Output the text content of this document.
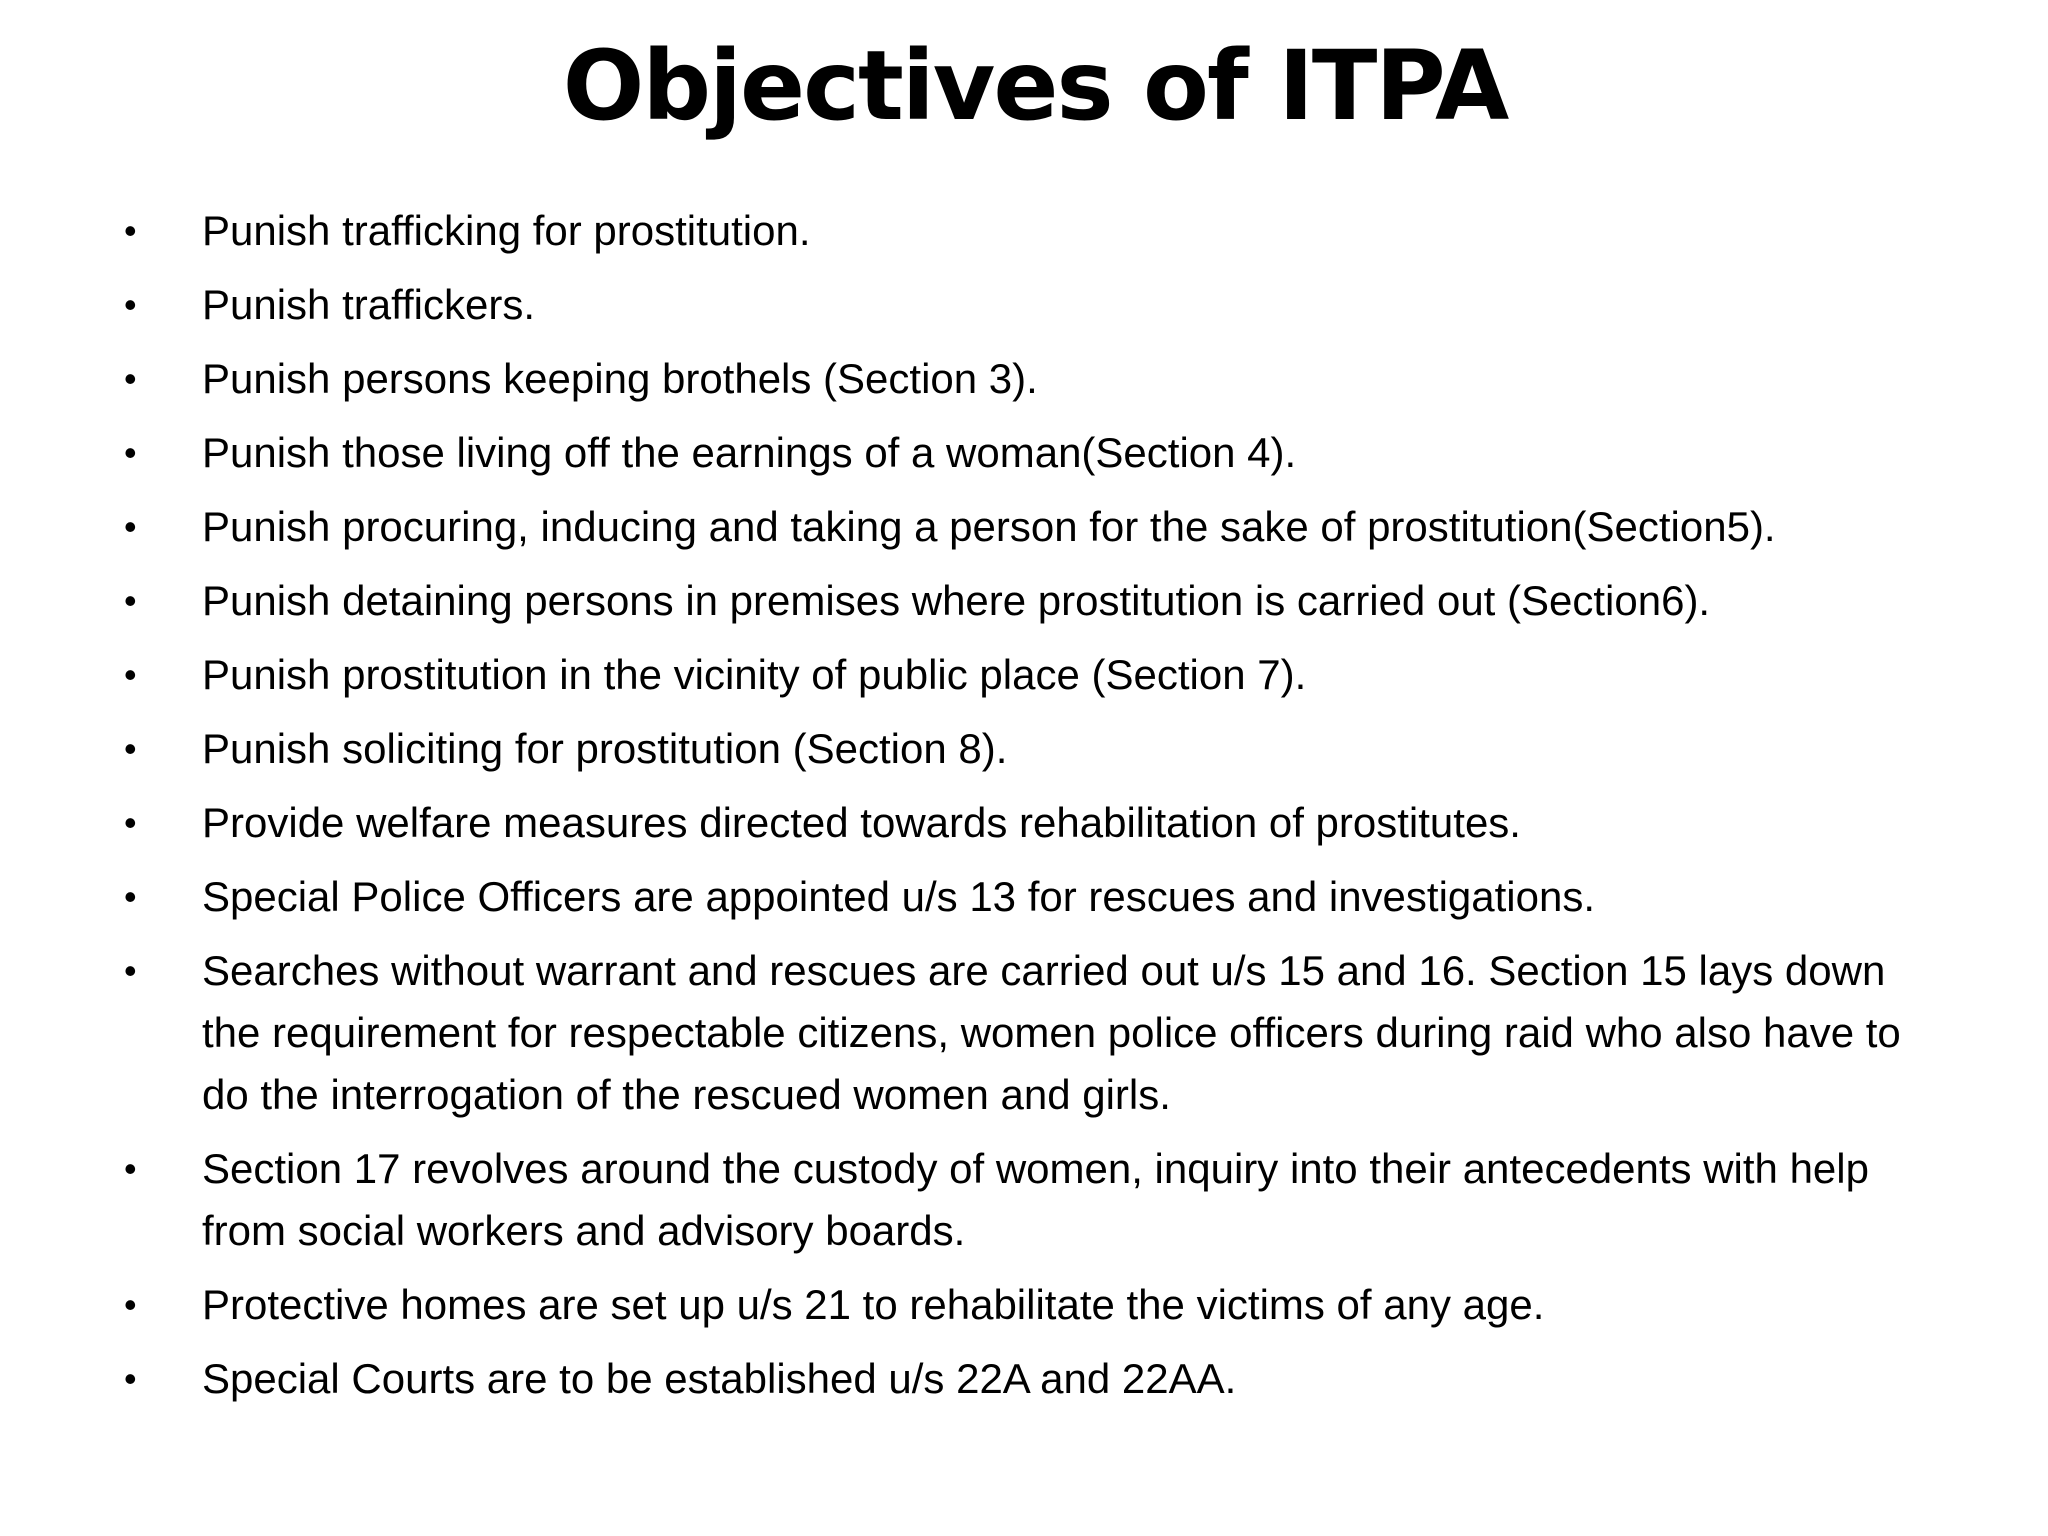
Objectives of ITPA
•	Punish trafficking for prostitution.
•	Punish traffickers.
•	Punish persons keeping brothels (Section 3).
•	Punish those living off the earnings of a woman(Section 4).
•	Punish procuring, inducing and taking a person for the sake of prostitution(Section5).
•	Punish detaining persons in premises where prostitution is carried out (Section6).
•	Punish prostitution in the vicinity of public place (Section 7).
•	Punish soliciting for prostitution (Section 8).
•	Provide welfare measures directed towards rehabilitation of prostitutes.
•	Special Police Officers are appointed u/s 13 for rescues and investigations.
•	Searches without warrant and rescues are carried out u/s 15 and 16. Section 15 lays down the requirement for respectable citizens, women police officers during raid who also have to do the interrogation of the rescued women and girls.
•	Section 17 revolves around the custody of women, inquiry into their antecedents with help from social workers and advisory boards.
•	Protective homes are set up u/s 21 to rehabilitate the victims of any age.
•	Special Courts are to be established u/s 22A and 22AA.
